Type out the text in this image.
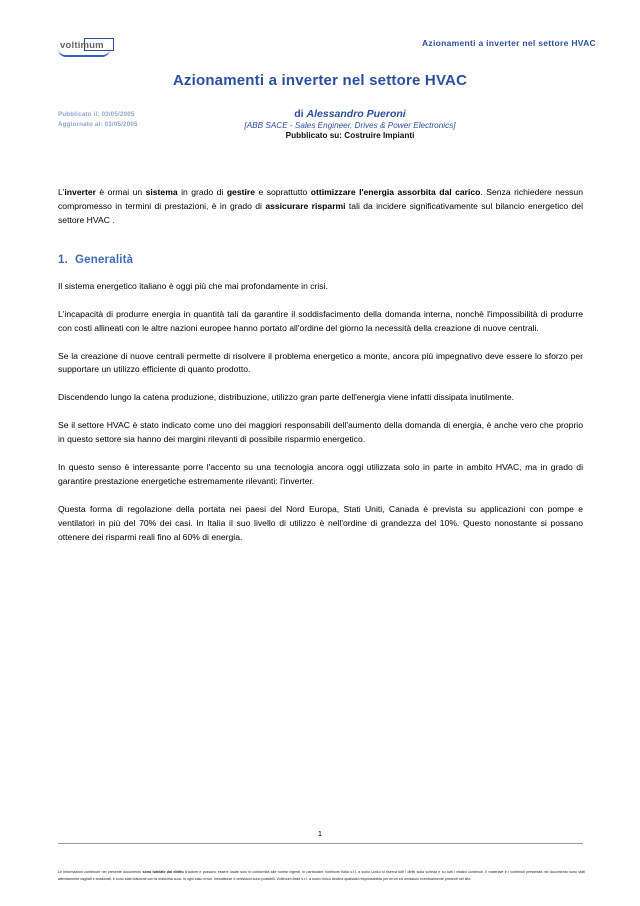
voltimum	Azionamenti a inverter nel settore HVAC
Azionamenti a inverter nel settore HVAC
Pubblicato il: 03/05/2005
Aggiornato al: 03/05/2005
di Alessandro Pueroni
[ABB SACE - Sales Engineer, Drives & Power Electronics]
Pubblicato su: Costruire Impianti

L'inverter è ormai un sistema in grado di gestire e soprattutto ottimizzare l'energia assorbita dal carico. Senza richiedere nessun compromesso in termini di prestazioni, è in grado di assicurare risparmi tali da incidere significativamente sul bilancio energetico del settore HVAC .

1. Generalità

Il sistema energetico italiano è oggi più che mai profondamente in crisi.

L'incapacità di produrre energia in quantità tali da garantire il soddisfacimento della domanda interna, nonchè l'impossibilità di produrre con costi allineati con le altre nazioni europee hanno portato all'ordine del giorno la necessità della creazione di nuove centrali.

Se la creazione di nuove centrali permette di risolvere il problema energetico a monte, ancora più impegnativo deve essere lo sforzo per supportare un utilizzo efficiente di quanto prodotto.

Discendendo lungo la catena produzione, distribuzione, utilizzo gran parte dell'energia viene infatti dissipata inutilmente.

Se il settore HVAC è stato indicato come uno dei maggiori responsabili dell'aumento della domanda di energia, è anche vero che proprio in questo settore sia hanno dei margini rilevanti di possibile risparmio energetico.

In questo senso è interessante porre l'accento su una tecnologia ancora oggi utilizzata solo in parte in ambito HVAC, ma in grado di garantire prestazione energetiche estremamente rilevanti: l'inverter.

Questa forma di regolazione della portata nei paesi del Nord Europa, Stati Uniti, Canada è prevista su applicazioni con pompe e ventilatori in più del 70% dei casi. In Italia il suo livello di utilizzo è nell'ordine di grandezza del 10%. Questo nonostante si possano ottenere dei risparmi reali fino al 60% di energia.

1
Le informazioni contenute nel presente documento sono tutelate dal diritto d'autore e possono essere usate solo in conformità alle norme vigenti. In particolare Voltimum Italia s.r.l. a socio Unico si riserva tutti i diritti sulla scheda e su tutti i relativi contenuti. Il materiale e i contenuti presentati nel documento sono stati attentamente vagliati e analizzati, e sono stati elaborati con la massima cura. In ogni caso errori, inesattezze e omissioni sono possibili. Voltimum Italia s.r.l. a socio Unico declina qualsiasi responsabilità per errori ed omissioni eventualmente presenti nel sito.
